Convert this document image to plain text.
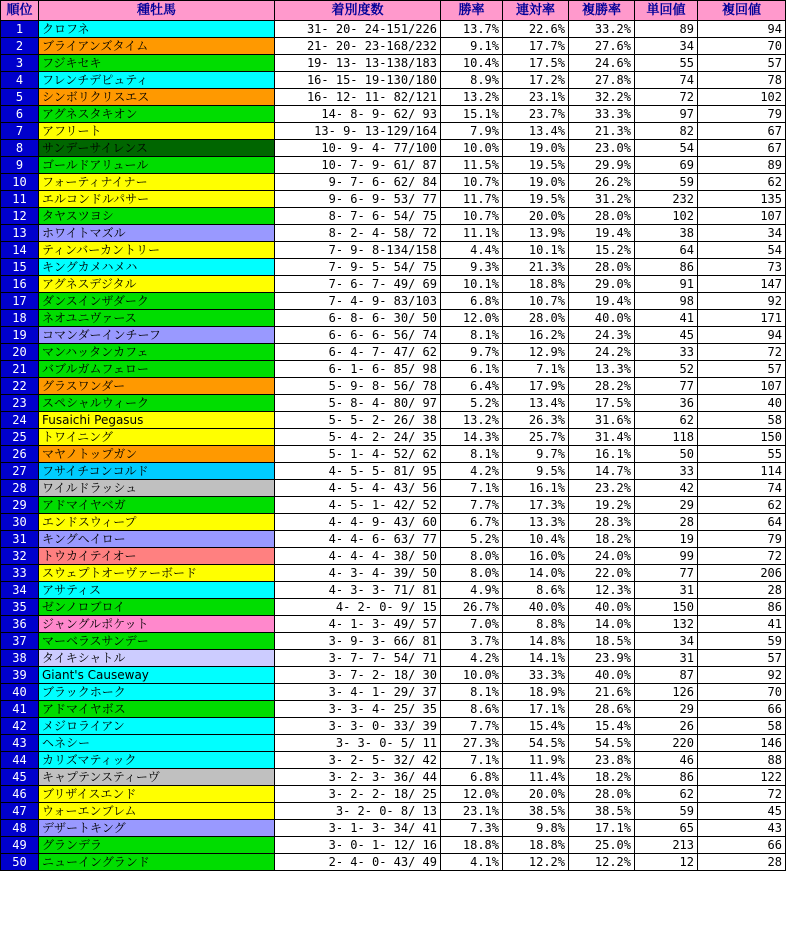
順位	種牡馬	着別度数	勝率	連対率	複勝率	単回値	複回値
1	クロフネ	31- 20- 24-151/226	13.7%	22.6%	33.2%	89	94
2	ブライアンズタイム	21- 20- 23-168/232	9.1%	17.7%	27.6%	34	70
3	フジキセキ	19- 13- 13-138/183	10.4%	17.5%	24.6%	55	57
4	フレンチデピュティ	16- 15- 19-130/180	8.9%	17.2%	27.8%	74	78
5	シンボリクリスエス	16- 12- 11- 82/121	13.2%	23.1%	32.2%	72	102
6	アグネスタキオン	14- 8- 9- 62/ 93	15.1%	23.7%	33.3%	97	79
7	アフリート	13- 9- 13-129/164	7.9%	13.4%	21.3%	82	67
8	サンデーサイレンス	10- 9- 4- 77/100	10.0%	19.0%	23.0%	54	67
9	ゴールドアリュール	10- 7- 9- 61/ 87	11.5%	19.5%	29.9%	69	89
10	フォーティナイナー	9- 7- 6- 62/ 84	10.7%	19.0%	26.2%	59	62
11	エルコンドルパサー	9- 6- 9- 53/ 77	11.7%	19.5%	31.2%	232	135
12	タヤスツヨシ	8- 7- 6- 54/ 75	10.7%	20.0%	28.0%	102	107
13	ホワイトマズル	8- 2- 4- 58/ 72	11.1%	13.9%	19.4%	38	34
14	ティンバーカントリー	7- 9- 8-134/158	4.4%	10.1%	15.2%	64	54
15	キングカメハメハ	7- 9- 5- 54/ 75	9.3%	21.3%	28.0%	86	73
16	アグネスデジタル	7- 6- 7- 49/ 69	10.1%	18.8%	29.0%	91	147
17	ダンスインザダーク	7- 4- 9- 83/103	6.8%	10.7%	19.4%	98	92
18	ネオユニヴァース	6- 8- 6- 30/ 50	12.0%	28.0%	40.0%	41	171
19	コマンダーインチーフ	6- 6- 6- 56/ 74	8.1%	16.2%	24.3%	45	94
20	マンハッタンカフェ	6- 4- 7- 47/ 62	9.7%	12.9%	24.2%	33	72
21	バブルガムフェロー	6- 1- 6- 85/ 98	6.1%	7.1%	13.3%	52	57
22	グラスワンダー	5- 9- 8- 56/ 78	6.4%	17.9%	28.2%	77	107
23	スペシャルウィーク	5- 8- 4- 80/ 97	5.2%	13.4%	17.5%	36	40
24	Fusaichi Pegasus	5- 5- 2- 26/ 38	13.2%	26.3%	31.6%	62	58
25	トワイニング	5- 4- 2- 24/ 35	14.3%	25.7%	31.4%	118	150
26	マヤノトップガン	5- 1- 4- 52/ 62	8.1%	9.7%	16.1%	50	55
27	フサイチコンコルド	4- 5- 5- 81/ 95	4.2%	9.5%	14.7%	33	114
28	ワイルドラッシュ	4- 5- 4- 43/ 56	7.1%	16.1%	23.2%	42	74
29	アドマイヤベガ	4- 5- 1- 42/ 52	7.7%	17.3%	19.2%	29	62
30	エンドスウィープ	4- 4- 9- 43/ 60	6.7%	13.3%	28.3%	28	64
31	キングヘイロー	4- 4- 6- 63/ 77	5.2%	10.4%	18.2%	19	79
32	トウカイテイオー	4- 4- 4- 38/ 50	8.0%	16.0%	24.0%	99	72
33	スウェプトオーヴァーボード	4- 3- 4- 39/ 50	8.0%	14.0%	22.0%	77	206
34	アサティス	4- 3- 3- 71/ 81	4.9%	8.6%	12.3%	31	28
35	ゼンノロブロイ	4- 2- 0- 9/ 15	26.7%	40.0%	40.0%	150	86
36	ジャングルポケット	4- 1- 3- 49/ 57	7.0%	8.8%	14.0%	132	41
37	マーベラスサンデー	3- 9- 3- 66/ 81	3.7%	14.8%	18.5%	34	59
38	タイキシャトル	3- 7- 7- 54/ 71	4.2%	14.1%	23.9%	31	57
39	Giant's Causeway	3- 7- 2- 18/ 30	10.0%	33.3%	40.0%	87	92
40	ブラックホーク	3- 4- 1- 29/ 37	8.1%	18.9%	21.6%	126	70
41	アドマイヤボス	3- 3- 4- 25/ 35	8.6%	17.1%	28.6%	29	66
42	メジロライアン	3- 3- 0- 33/ 39	7.7%	15.4%	15.4%	26	58
43	ヘネシー	3- 3- 0- 5/ 11	27.3%	54.5%	54.5%	220	146
44	カリズマティック	3- 2- 5- 32/ 42	7.1%	11.9%	23.8%	46	88
45	キャプテンスティーヴ	3- 2- 3- 36/ 44	6.8%	11.4%	18.2%	86	122
46	ブリザイスエンド	3- 2- 2- 18/ 25	12.0%	20.0%	28.0%	62	72
47	ウォーエンブレム	3- 2- 0- 8/ 13	23.1%	38.5%	38.5%	59	45
48	デザートキング	3- 1- 3- 34/ 41	7.3%	9.8%	17.1%	65	43
49	グランデラ	3- 0- 1- 12/ 16	18.8%	18.8%	25.0%	213	66
50	ニューイングランド	2- 4- 0- 43/ 49	4.1%	12.2%	12.2%	12	28
